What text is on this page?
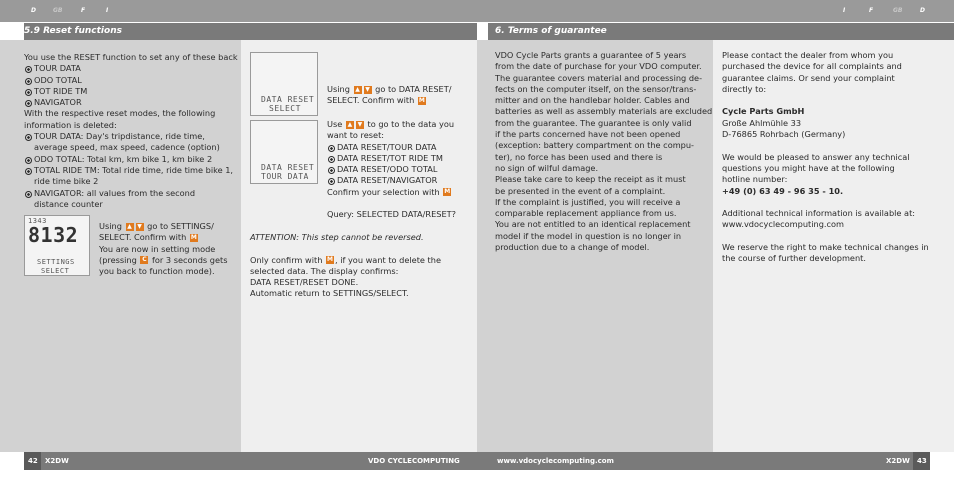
D	GB	F	I	I	F	GB	D
5.9 Reset functions	6. Terms of guarantee

You use the RESET function to set any of these back

TOUR DATA

ODO TOTAL

TOT RIDE TM

NAVIGATOR

With the respective reset modes, the following

information is deleted:

TOUR DATA: Day's tripdistance, ride time,

average speed, max speed, cadence (option)

ODO TOTAL: Total km, km bike 1, km bike 2

TOTAL RIDE TM: Total ride time, ride time bike 1,

ride time bike 2

NAVIGATOR: all values from the second

distance counter

1343
8132
SETTINGS
SELECT

Using ▲ ▼ go to SETTINGS/

SELECT. Confirm with M

You are now in setting mode

(pressing C for 3 seconds gets

you back to function mode).

DATA RESET
SELECT
DATA RESET
TOUR DATA

Using ▲ ▼ go to DATA RESET/

SELECT. Confirm with M

Use ▲ ▼ to go to the data you

want to reset:

DATA RESET/TOUR DATA

DATA RESET/TOT RIDE TM

DATA RESET/ODO TOTAL

DATA RESET/NAVIGATOR

Confirm your selection with M

Query: SELECTED DATA/RESET?

ATTENTION: This step cannot be reversed.

Only confirm with M , if you want to delete the

selected data. The display confirms:

DATA RESET/RESET DONE.

Automatic return to SETTINGS/SELECT.

VDO Cycle Parts grants a guarantee of 5 years

from the date of purchase for your VDO computer.

The guarantee covers material and processing de-

fects on the computer itself, on the sensor/trans-

mitter and on the handlebar holder. Cables and

batteries as well as assembly materials are excluded

from the guarantee. The guarantee is only valid

if the parts concerned have not been opened

(exception: battery compartment on the compu-

ter), no force has been used and there is

no sign of wilful damage.

Please take care to keep the receipt as it must

be presented in the event of a complaint.

If the complaint is justified, you will receive a

comparable replacement appliance from us.

You are not entitled to an identical replacement

model if the model in question is no longer in

production due to a change of model.

Please contact the dealer from whom you

purchased the device for all complaints and

guarantee claims. Or send your complaint

directly to:

Cycle Parts GmbH

Große Ahlmühle 33

D-76865 Rohrbach (Germany)

We would be pleased to answer any technical

questions you might have at the following

hotline number:

+49 (0) 63 49 - 96 35 - 10.

Additional technical information is available at:

www.vdocyclecomputing.com

We reserve the right to make technical changes in

the course of further development.

42 X2DW	VDO CYCLECOMPUTING	www.vdocyclecomputing.com	X2DW 43
